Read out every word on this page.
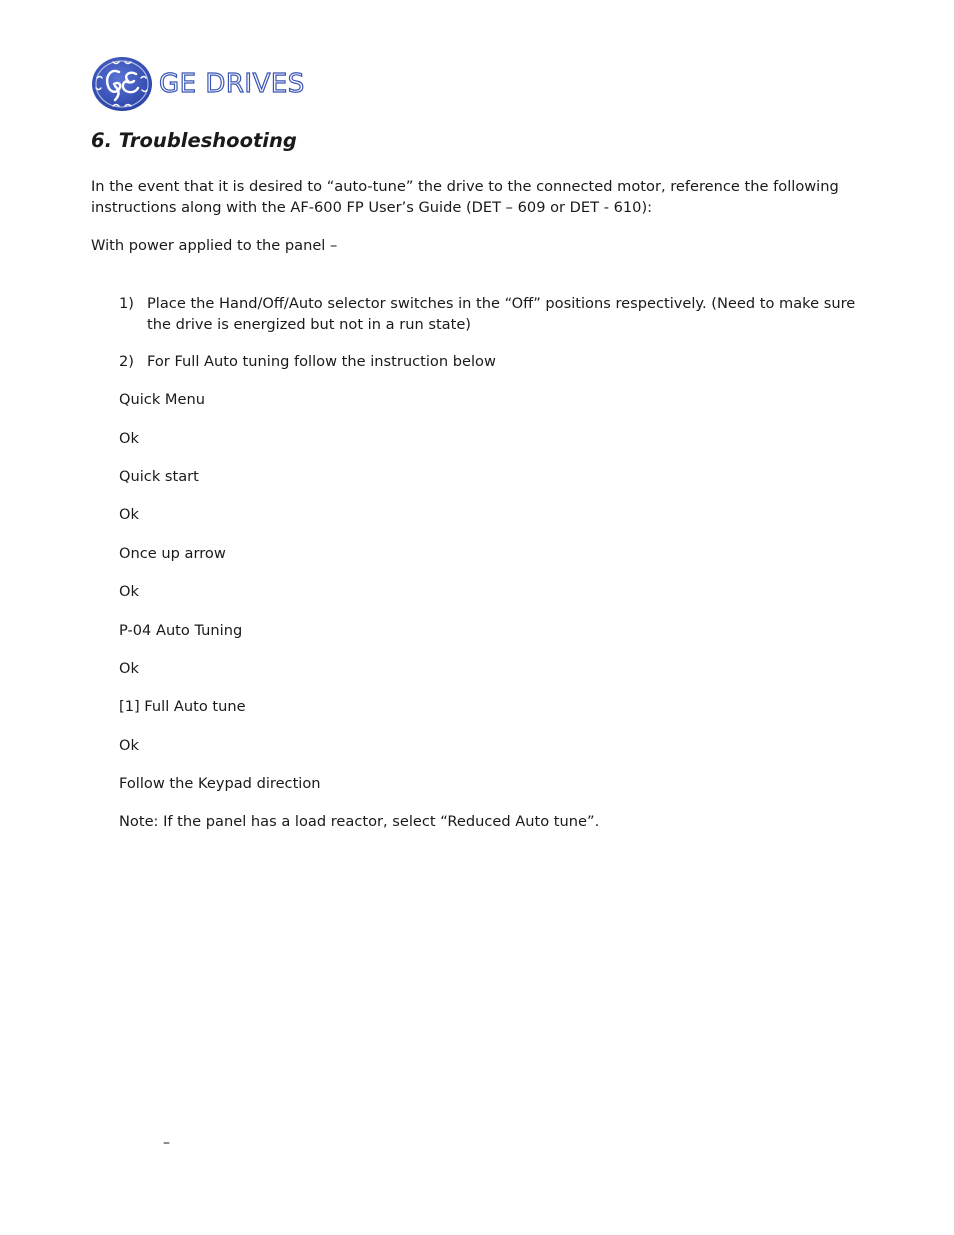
GE DRIVES
6. Troubleshooting

In the event that it is desired to “auto-tune” the drive to the connected motor, reference the following instructions along with the AF-600 FP User’s Guide (DET – 609 or DET - 610):

With power applied to the panel –

1) Place the Hand/Off/Auto selector switches in the “Off” positions respectively. (Need to make sure the drive is energized but not in a run state)
2) For Full Auto tuning follow the instruction below
Quick Menu
Ok
Quick start
Ok
Once up arrow
Ok
P-04 Auto Tuning
Ok
[1] Full Auto tune
Ok
Follow the Keypad direction
Note: If the panel has a load reactor, select “Reduced Auto tune”.
–
